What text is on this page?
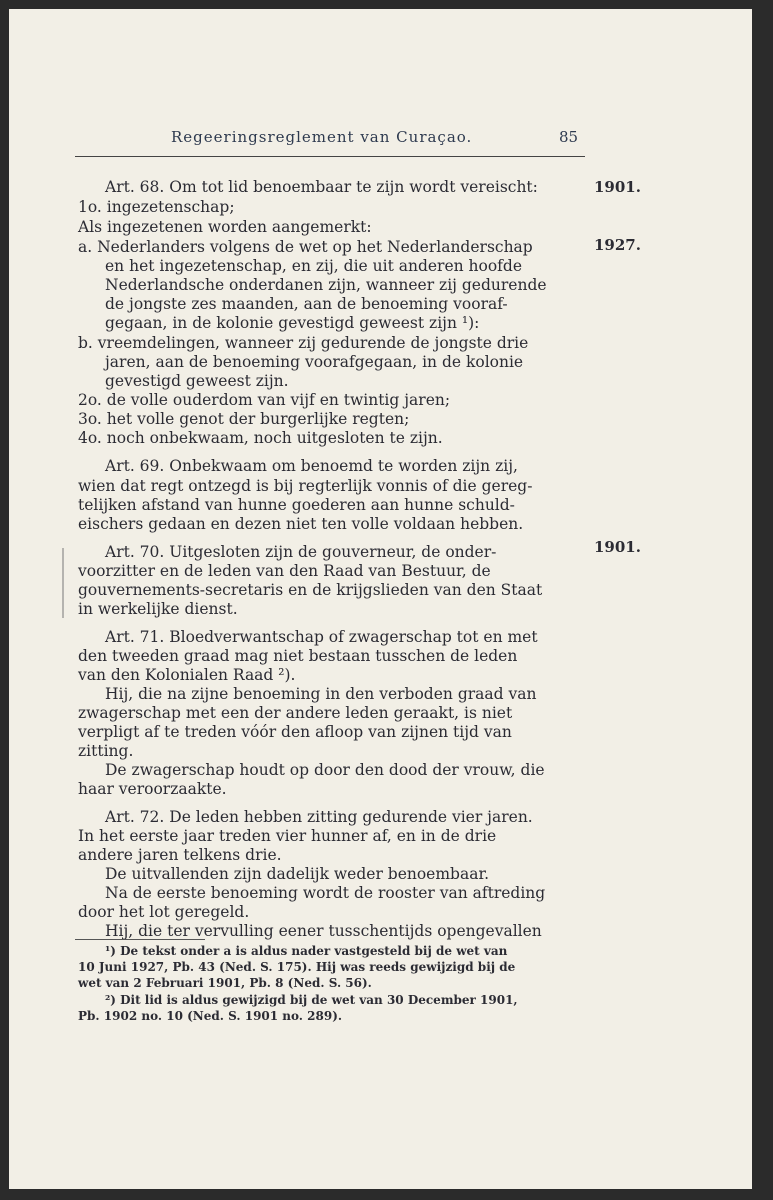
Regeeringsreglement van Curaçao.	85
1901.
1927.
1901.
Art. 68. Om tot lid benoembaar te zijn wordt vereischt:
1o. ingezetenschap;
Als ingezetenen worden aangemerkt:
a. Nederlanders volgens de wet op het Nederlanderschap
en het ingezetenschap, en zij, die uit anderen hoofde
Nederlandsche onderdanen zijn, wanneer zij gedurende
de jongste zes maanden, aan de benoeming vooraf-
gegaan, in de kolonie gevestigd geweest zijn ¹):
b. vreemdelingen, wanneer zij gedurende de jongste drie
jaren, aan de benoeming voorafgegaan, in de kolonie
gevestigd geweest zijn.
2o. de volle ouderdom van vijf en twintig jaren;
3o. het volle genot der burgerlijke regten;
4o. noch onbekwaam, noch uitgesloten te zijn.
Art. 69. Onbekwaam om benoemd te worden zijn zij,
wien dat regt ontzegd is bij regterlijk vonnis of die gereg-
telijken afstand van hunne goederen aan hunne schuld-
eischers gedaan en dezen niet ten volle voldaan hebben.
Art. 70. Uitgesloten zijn de gouverneur, de onder-
voorzitter en de leden van den Raad van Bestuur, de
gouvernements-secretaris en de krijgslieden van den Staat
in werkelijke dienst.
Art. 71. Bloedverwantschap of zwagerschap tot en met
den tweeden graad mag niet bestaan tusschen de leden
van den Kolonialen Raad ²).
Hij, die na zijne benoeming in den verboden graad van
zwagerschap met een der andere leden geraakt, is niet
verpligt af te treden vóór den afloop van zijnen tijd van
zitting.
De zwagerschap houdt op door den dood der vrouw, die
haar veroorzaakte.
Art. 72. De leden hebben zitting gedurende vier jaren.
In het eerste jaar treden vier hunner af, en in de drie
andere jaren telkens drie.
De uitvallenden zijn dadelijk weder benoembaar.
Na de eerste benoeming wordt de rooster van aftreding
door het lot geregeld.
Hij, die ter vervulling eener tusschentijds opengevallen
¹) De tekst onder a is aldus nader vastgesteld bij de wet van
10 Juni 1927, Pb. 43 (Ned. S. 175). Hij was reeds gewijzigd bij de
wet van 2 Februari 1901, Pb. 8 (Ned. S. 56).
²) Dit lid is aldus gewijzigd bij de wet van 30 December 1901,
Pb. 1902 no. 10 (Ned. S. 1901 no. 289).
